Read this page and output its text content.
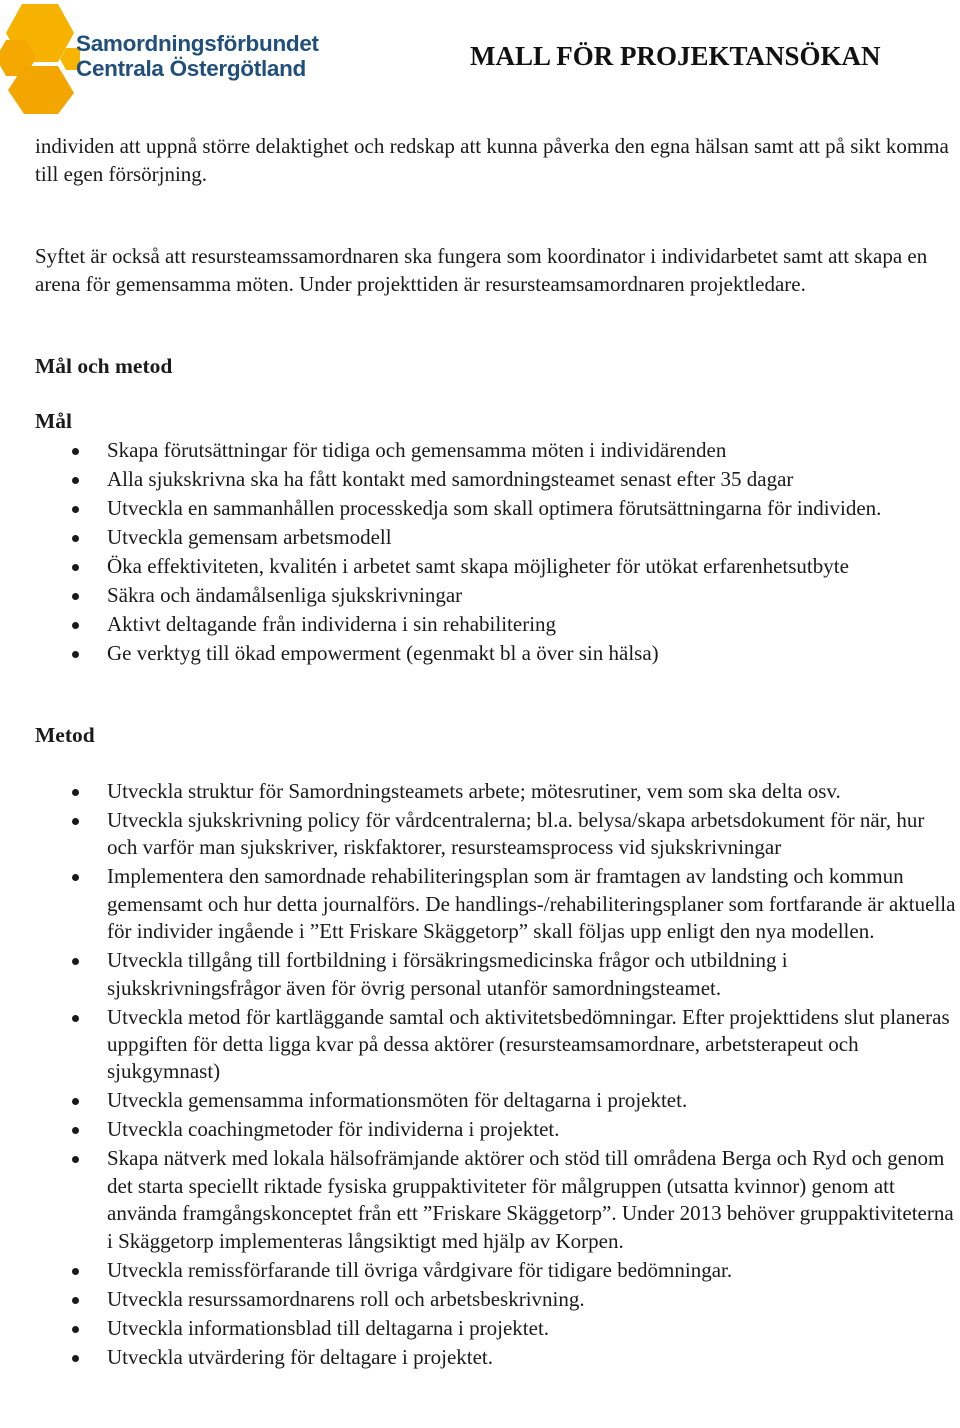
Samordningsförbundet
Centrala Östergötland	MALL FÖR PROJEKTANSÖKAN

individen att uppnå större delaktighet och redskap att kunna påverka den egna hälsan samt att på sikt komma till egen försörjning.

Syftet är också att resursteamssamordnaren ska fungera som koordinator i individarbetet samt att skapa en arena för gemensamma möten. Under projekttiden är resursteamsamordnaren projektledare.

Mål och metod
Mål
Skapa förutsättningar för tidiga och gemensamma möten i individärenden
Alla sjukskrivna ska ha fått kontakt med samordningsteamet senast efter 35 dagar
Utveckla en sammanhållen processkedja som skall optimera förutsättningarna för individen.
Utveckla gemensam arbetsmodell
Öka effektiviteten, kvalitén i arbetet samt skapa möjligheter för utökat erfarenhetsutbyte
Säkra och ändamålsenliga sjukskrivningar
Aktivt deltagande från individerna i sin rehabilitering
Ge verktyg till ökad empowerment (egenmakt bl a över sin hälsa)
Metod
Utveckla struktur för Samordningsteamets arbete; mötesrutiner, vem som ska delta osv.
Utveckla sjukskrivning policy för vårdcentralerna; bl.a. belysa/skapa arbetsdokument för när, hur och varför man sjukskriver, riskfaktorer, resursteamsprocess vid sjukskrivningar
Implementera den samordnade rehabiliteringsplan som är framtagen av landsting och kommun gemensamt och hur detta journalförs. De handlings-/rehabiliteringsplaner som fortfarande är aktuella för individer ingående i ”Ett Friskare Skäggetorp” skall följas upp enligt den nya modellen.
Utveckla tillgång till fortbildning i försäkringsmedicinska frågor och utbildning i sjukskrivningsfrågor även för övrig personal utanför samordningsteamet.
Utveckla metod för kartläggande samtal och aktivitetsbedömningar. Efter projekttidens slut planeras uppgiften för detta ligga kvar på dessa aktörer (resursteamsamordnare, arbetsterapeut och sjukgymnast)
Utveckla gemensamma informationsmöten för deltagarna i projektet.
Utveckla coachingmetoder för individerna i projektet.
Skapa nätverk med lokala hälsofrämjande aktörer och stöd till områdena Berga och Ryd och genom det starta speciellt riktade fysiska gruppaktiviteter för målgruppen (utsatta kvinnor) genom att använda framgångskonceptet från ett ”Friskare Skäggetorp”. Under 2013 behöver gruppaktiviteterna i Skäggetorp implementeras långsiktigt med hjälp av Korpen.
Utveckla remissförfarande till övriga vårdgivare för tidigare bedömningar.
Utveckla resurssamordnarens roll och arbetsbeskrivning.
Utveckla informationsblad till deltagarna i projektet.
Utveckla utvärdering för deltagare i projektet.
